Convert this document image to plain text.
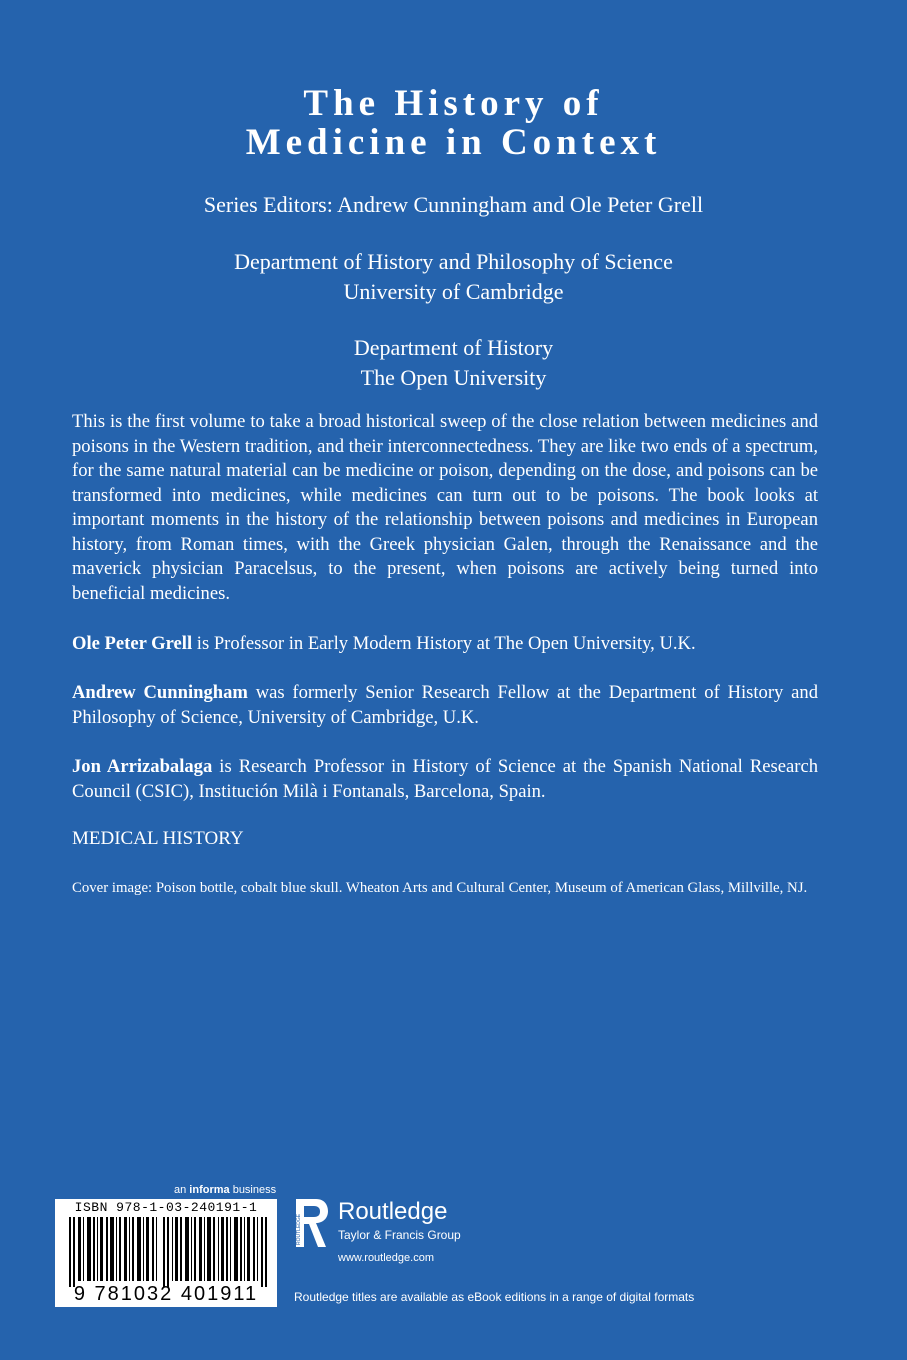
The History of
Medicine in Context
Series Editors: Andrew Cunningham and Ole Peter Grell
Department of History and Philosophy of Science
University of Cambridge
Department of History
The Open University

This is the first volume to take a broad historical sweep of the close relation between medicines and poisons in the Western tradition, and their interconnectedness. They are like two ends of a spectrum, for the same natural material can be medicine or poison, depending on the dose, and poisons can be transformed into medicines, while medicines can turn out to be poisons. The book looks at important moments in the history of the relationship between poisons and medicines in European history, from Roman times, with the Greek physician Galen, through the Renaissance and the maverick physician Paracelsus, to the present, when poisons are actively being turned into beneficial medicines.

Ole Peter Grell is Professor in Early Modern History at The Open University, U.K.

Andrew Cunningham was formerly Senior Research Fellow at the Department of History and Philosophy of Science, University of Cambridge, U.K.

Jon Arrizabalaga is Research Professor in History of Science at the Spanish National Research Council (CSIC), Institución Milà i Fontanals, Barcelona, Spain.

MEDICAL HISTORY
Cover image: Poison bottle, cobalt blue skull. Wheaton Arts and Cultural Center, Museum of American Glass, Millville, NJ.
an informa business
ISBN 978-1-03-240191-1
9 781032 401911
ROUTLEDGE
Routledge
Taylor & Francis Group
www.routledge.com
Routledge titles are available as eBook editions in a range of digital formats
